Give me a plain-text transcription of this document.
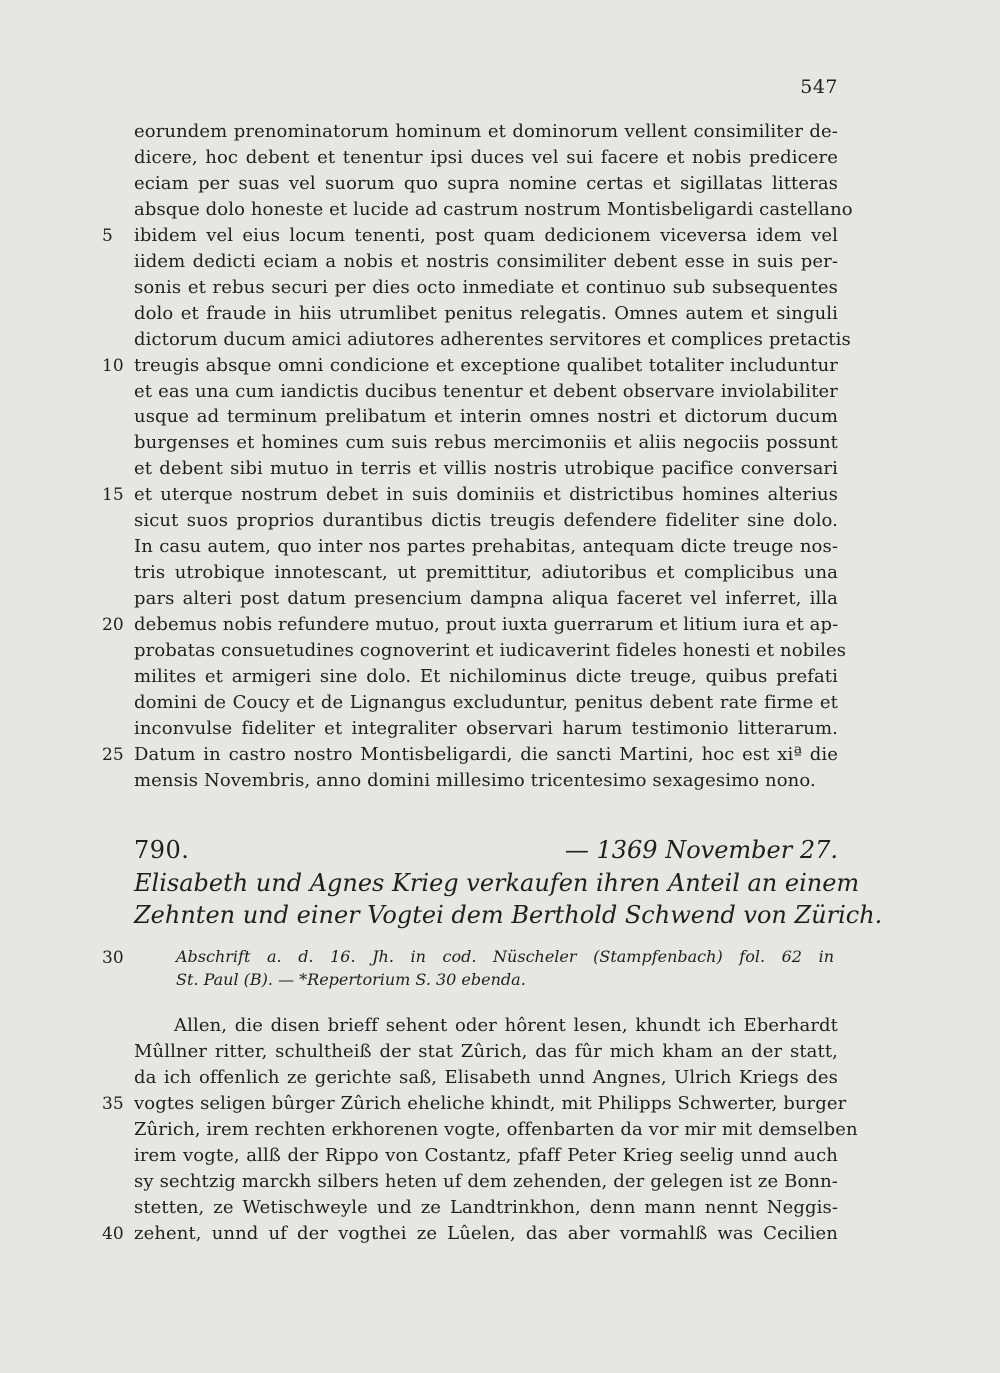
547
eorundem prenominatorum hominum et dominorum vellent consimiliter de-
dicere, hoc debent et tenentur ipsi duces vel sui facere et nobis predicere
eciam per suas vel suorum quo supra nomine certas et sigillatas litteras
absque dolo honeste et lucide ad castrum nostrum Montisbeligardi castellano
5	ibidem vel eius locum tenenti, post quam dedicionem viceversa idem vel
iidem dedicti eciam a nobis et nostris consimiliter debent esse in suis per-
sonis et rebus securi per dies octo inmediate et continuo sub subsequentes
dolo et fraude in hiis utrumlibet penitus relegatis. Omnes autem et singuli
dictorum ducum amici adiutores adherentes servitores et complices pretactis
10 treugis absque omni condicione et exceptione qualibet totaliter includuntur
et eas una cum iandictis ducibus tenentur et debent observare inviolabiliter
usque ad terminum prelibatum et interin omnes nostri et dictorum ducum
burgenses et homines cum suis rebus mercimoniis et aliis negociis possunt
et debent sibi mutuo in terris et villis nostris utrobique pacifice conversari
15 et uterque nostrum debet in suis dominiis et districtibus homines alterius
sicut suos proprios durantibus dictis treugis defendere fideliter sine dolo.
In casu autem, quo inter nos partes prehabitas, antequam dicte treuge nos-
tris utrobique innotescant, ut premittitur, adiutoribus et complicibus una
pars alteri post datum presencium dampna aliqua faceret vel inferret, illa
20 debemus nobis refundere mutuo, prout iuxta guerrarum et litium iura et ap-
probatas consuetudines cognoverint et iudicaverint fideles honesti et nobiles
milites et armigeri sine dolo. Et nichilominus dicte treuge, quibus prefati
domini de Coucy et de Lignangus excluduntur, penitus debent rate firme et
inconvulse fideliter et integraliter observari harum testimonio litterarum.
25 Datum in castro nostro Montisbeligardi, die sancti Martini, hoc est xiª die
mensis Novembris, anno domini millesimo tricentesimo sexagesimo nono.
790.	— 1369 November 27.
Elisabeth und Agnes Krieg verkaufen ihren Anteil an einem
Zehnten und einer Vogtei dem Berthold Schwend von Zürich.
30	Abschrift a. d. 16. Jh. in cod. Nüscheler (Stampfenbach) fol. 62 in
St. Paul (B). — *Repertorium S. 30 ebenda.
Allen, die disen brieff sehent oder hôrent lesen, khundt ich Eberhardt
Mûllner ritter, schultheiß der stat Zûrich, das fûr mich kham an der statt,
da ich offenlich ze gerichte saß, Elisabeth unnd Angnes, Ulrich Kriegs des
35 vogtes seligen bûrger Zûrich eheliche khindt, mit Philipps Schwerter, burger
Zûrich, irem rechten erkhorenen vogte, offenbarten da vor mir mit demselben
irem vogte, allß der Rippo von Costantz, pfaff Peter Krieg seelig unnd auch
sy sechtzig marckh silbers heten uf dem zehenden, der gelegen ist ze Bonn-
stetten, ze Wetischweyle und ze Landtrinkhon, denn mann nennt Neggis-
40 zehent, unnd uf der vogthei ze Lûelen, das aber vormahlß was Cecilien
